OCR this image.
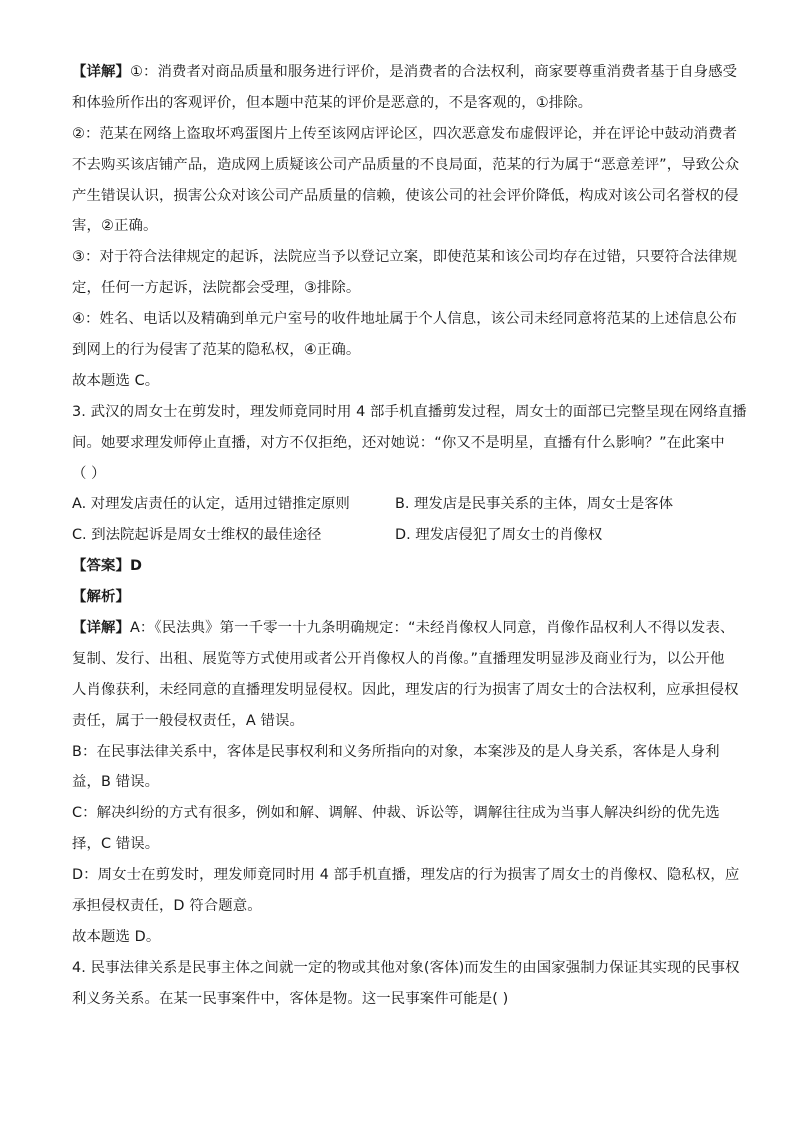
【详解】①：消费者对商品质量和服务进行评价，是消费者的合法权利，商家要尊重消费者基于自身感受
和体验所作出的客观评价，但本题中范某的评价是恶意的，不是客观的，①排除。
②：范某在网络上盗取坏鸡蛋图片上传至该网店评论区，四次恶意发布虚假评论，并在评论中鼓动消费者
不去购买该店铺产品，造成网上质疑该公司产品质量的不良局面，范某的行为属于“恶意差评”，导致公众
产生错误认识，损害公众对该公司产品质量的信赖，使该公司的社会评价降低，构成对该公司名誉权的侵
害，②正确。
③：对于符合法律规定的起诉，法院应当予以登记立案，即使范某和该公司均存在过错，只要符合法律规
定，任何一方起诉，法院都会受理，③排除。
④：姓名、电话以及精确到单元户室号的收件地址属于个人信息，该公司未经同意将范某的上述信息公布
到网上的行为侵害了范某的隐私权，④正确。
故本题选 C。
3. 武汉的周女士在剪发时，理发师竟同时用 4 部手机直播剪发过程，周女士的面部已完整呈现在网络直播
间。她要求理发师停止直播，对方不仅拒绝，还对她说：“你又不是明星，直播有什么影响？”在此案中
（ ）
A. 对理发店责任的认定，适用过错推定原则	B. 理发店是民事关系的主体，周女士是客体
C. 到法院起诉是周女士维权的最佳途径	D. 理发店侵犯了周女士的肖像权
【答案】D
【解析】
【详解】A：《民法典》第一千零一十九条明确规定：“未经肖像权人同意，肖像作品权利人不得以发表、
复制、发行、出租、展览等方式使用或者公开肖像权人的肖像。”直播理发明显涉及商业行为，以公开他
人肖像获利，未经同意的直播理发明显侵权。因此，理发店的行为损害了周女士的合法权利，应承担侵权
责任，属于一般侵权责任，A 错误。
B：在民事法律关系中，客体是民事权利和义务所指向的对象，本案涉及的是人身关系，客体是人身利
益，B 错误。
C：解决纠纷的方式有很多，例如和解、调解、仲裁、诉讼等，调解往往成为当事人解决纠纷的优先选
择，C 错误。
D：周女士在剪发时，理发师竟同时用 4 部手机直播，理发店的行为损害了周女士的肖像权、隐私权，应
承担侵权责任，D 符合题意。
故本题选 D。
4. 民事法律关系是民事主体之间就一定的物或其他对象(客体)而发生的由国家强制力保证其实现的民事权
利义务关系。在某一民事案件中，客体是物。这一民事案件可能是( )
